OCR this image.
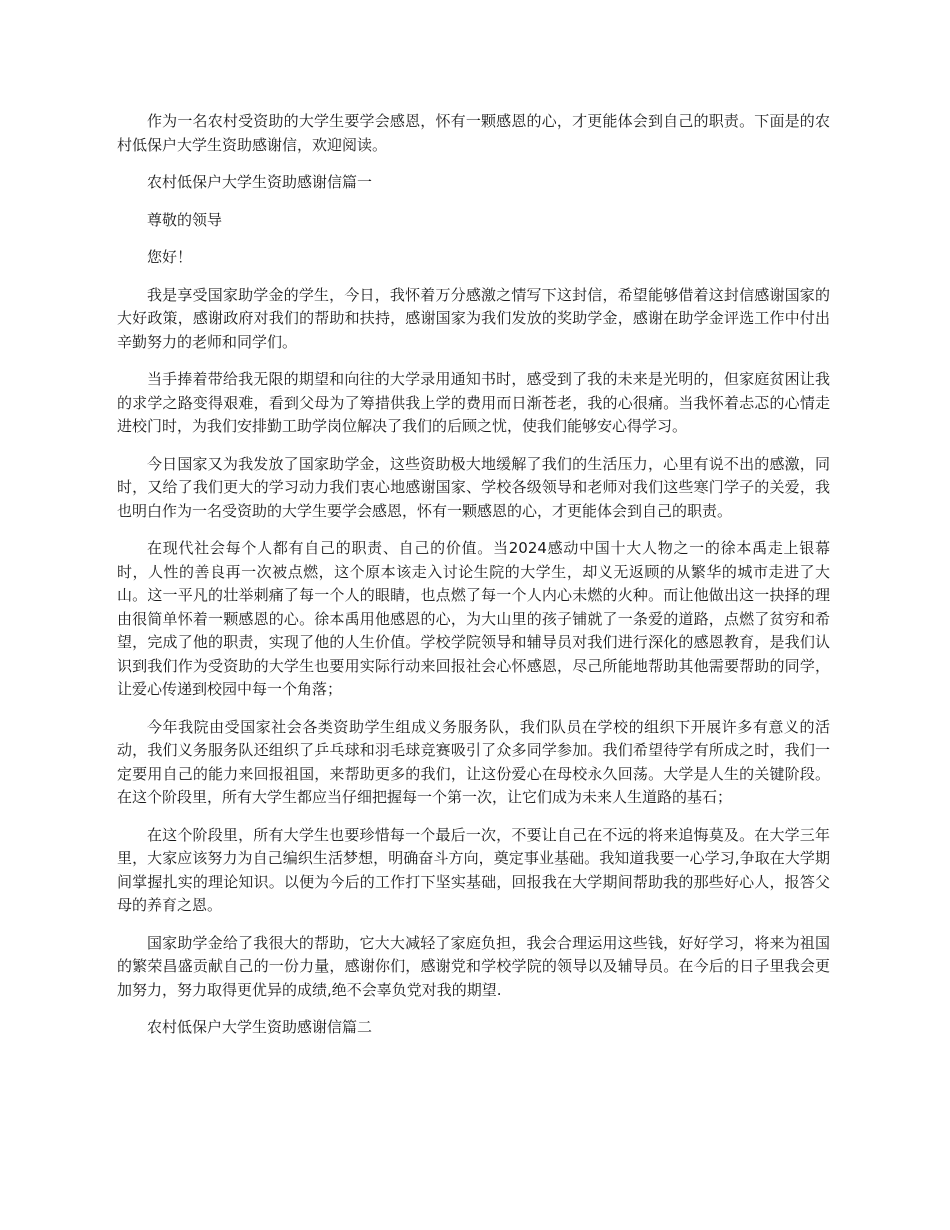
作为一名农村受资助的大学生要学会感恩，怀有一颗感恩的心，才更能体会到自己的职责。下面是的农村低保户大学生资助感谢信，欢迎阅读。

农村低保户大学生资助感谢信篇一

尊敬的领导

您好！

我是享受国家助学金的学生，今日，我怀着万分感激之情写下这封信，希望能够借着这封信感谢国家的大好政策，感谢政府对我们的帮助和扶持，感谢国家为我们发放的奖助学金，感谢在助学金评选工作中付出辛勤努力的老师和同学们。

当手捧着带给我无限的期望和向往的大学录用通知书时，感受到了我的未来是光明的，但家庭贫困让我的求学之路变得艰难，看到父母为了筹措供我上学的费用而日渐苍老，我的心很痛。当我怀着忐忑的心情走进校门时，为我们安排勤工助学岗位解决了我们的后顾之忧，使我们能够安心得学习。

今日国家又为我发放了国家助学金，这些资助极大地缓解了我们的生活压力，心里有说不出的感激，同时，又给了我们更大的学习动力我们衷心地感谢国家、学校各级领导和老师对我们这些寒门学子的关爱，我也明白作为一名受资助的大学生要学会感恩，怀有一颗感恩的心，才更能体会到自己的职责。

在现代社会每个人都有自己的职责、自己的价值。当2024感动中国十大人物之一的徐本禹走上银幕时，人性的善良再一次被点燃，这个原本该走入讨论生院的大学生，却义无返顾的从繁华的城市走进了大山。这一平凡的壮举刺痛了每一个人的眼睛，也点燃了每一个人内心未燃的火种。而让他做出这一抉择的理由很简单怀着一颗感恩的心。徐本禹用他感恩的心，为大山里的孩子铺就了一条爱的道路，点燃了贫穷和希望，完成了他的职责，实现了他的人生价值。学校学院领导和辅导员对我们进行深化的感恩教育，是我们认识到我们作为受资助的大学生也要用实际行动来回报社会心怀感恩，尽己所能地帮助其他需要帮助的同学，让爱心传递到校园中每一个角落；

今年我院由受国家社会各类资助学生组成义务服务队，我们队员在学校的组织下开展许多有意义的活动，我们义务服务队还组织了乒乓球和羽毛球竞赛吸引了众多同学参加。我们希望待学有所成之时，我们一定要用自己的能力来回报祖国，来帮助更多的我们，让这份爱心在母校永久回荡。大学是人生的关键阶段。在这个阶段里，所有大学生都应当仔细把握每一个第一次，让它们成为未来人生道路的基石；

在这个阶段里，所有大学生也要珍惜每一个最后一次，不要让自己在不远的将来追悔莫及。在大学三年里，大家应该努力为自己编织生活梦想，明确奋斗方向，奠定事业基础。我知道我要一心学习,争取在大学期间掌握扎实的理论知识。以便为今后的工作打下坚实基础，回报我在大学期间帮助我的那些好心人，报答父母的养育之恩。

国家助学金给了我很大的帮助，它大大减轻了家庭负担，我会合理运用这些钱，好好学习，将来为祖国的繁荣昌盛贡献自己的一份力量，感谢你们，感谢党和学校学院的领导以及辅导员。在今后的日子里我会更加努力，努力取得更优异的成绩,绝不会辜负党对我的期望.

农村低保户大学生资助感谢信篇二
